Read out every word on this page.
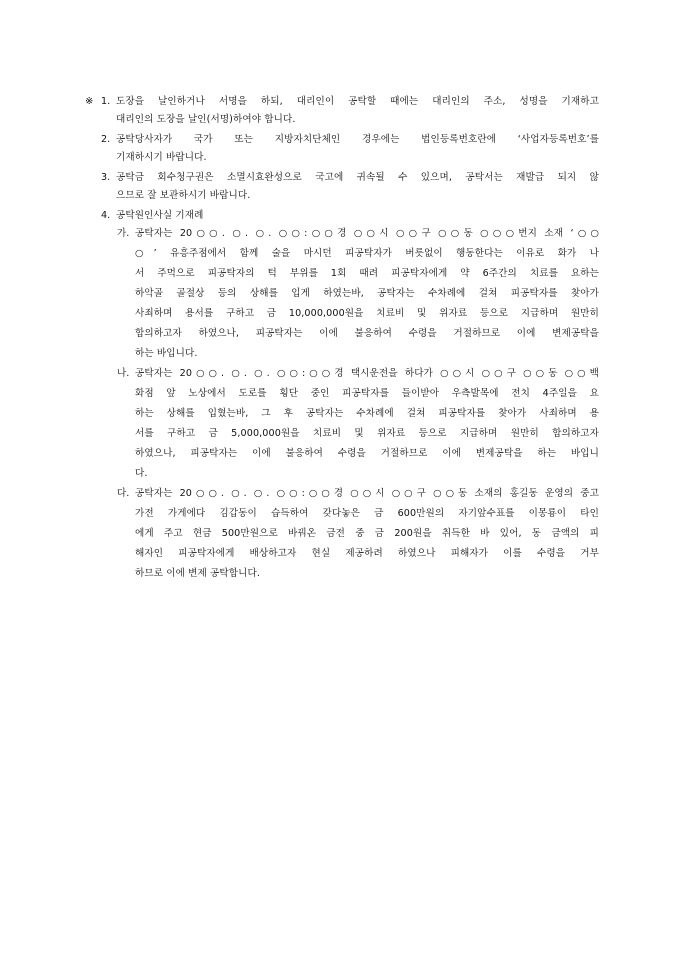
※ 1. 도장을 날인하거나 서명을 하되, 대리인이 공탁할 때에는 대리인의 주소, 성명을 기재하고
대리인의 도장을 날인(서명)하여야 합니다.
2. 공탁당사자가 국가 또는 지방자치단체인 경우에는 법인등록번호란에 ‘사업자등록번호’를
기재하시기 바랍니다.
3. 공탁금 회수청구권은 소멸시효완성으로 국고에 귀속될 수 있으며, 공탁서는 재발급 되지 않
으므로 잘 보관하시기 바랍니다.
4. 공탁원인사실 기재례
가. 공탁자는 20○○. ○. ○. ○○:○○경 ○○시 ○○구 ○○동 ○○○번지 소재 ‘○○
○’ 유흥주점에서 함께 술을 마시던 피공탁자가 버릇없이 행동한다는 이유로 화가 나
서 주먹으로 피공탁자의 턱 부위를 1회 때려 피공탁자에게 약 6주간의 치료를 요하는
하악골 골절상 등의 상해를 입게 하였는바, 공탁자는 수차례에 걸쳐 피공탁자를 찾아가
사죄하며 용서를 구하고 금 10,000,000원을 치료비 및 위자료 등으로 지급하며 원만히
합의하고자 하였으나, 피공탁자는 이에 불응하여 수령을 거절하므로 이에 변제공탁을
하는 바입니다.
나. 공탁자는 20○○. ○. ○. ○○:○○경 택시운전을 하다가 ○○시 ○○구 ○○동 ○○백
화점 앞 노상에서 도로를 횡단 중인 피공탁자를 들이받아 우측발목에 전치 4주일을 요
하는 상해를 입혔는바, 그 후 공탁자는 수차례에 걸쳐 피공탁자를 찾아가 사죄하며 용
서를 구하고 금 5,000,000원을 치료비 및 위자료 등으로 지급하며 원만히 합의하고자
하였으나, 피공탁자는 이에 불응하여 수령을 거절하므로 이에 변제공탁을 하는 바입니
다.
다. 공탁자는 20○○. ○. ○. ○○:○○경 ○○시 ○○구 ○○동 소재의 홍길동 운영의 중고
가전 가게에다 김갑동이 습득하여 갖다놓은 금 600만원의 자기앞수표를 이몽룡이 타인
에게 주고 현금 500만원으로 바꿔온 금전 중 금 200원을 취득한 바 있어, 동 금액의 피
해자인 피공탁자에게 배상하고자 현실 제공하려 하였으나 피해자가 이를 수령을 거부
하므로 이에 변제 공탁합니다.
